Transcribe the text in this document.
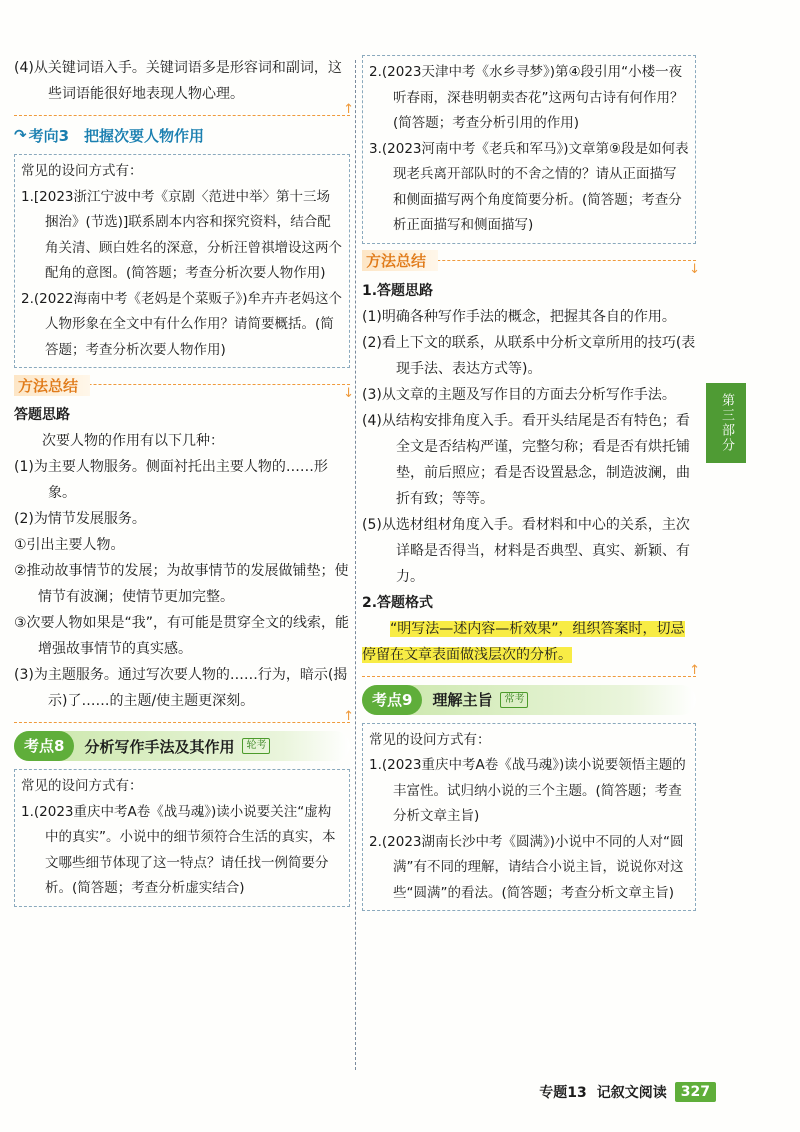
(4)从关键词语入手。关键词语多是形容词和副词，这些词语能很好地表现人物心理。

↑
↷ 考向3　把握次要人物作用

常见的设问方式有：

1.[2023浙江宁波中考《京剧〈范进中举〉第十三场 捆治》(节选)]联系剧本内容和探究资料，结合配角关清、顾白姓名的深意，分析汪曾祺增设这两个配角的意图。(简答题；考查分析次要人物作用)

2.(2022海南中考《老妈是个菜贩子》)牟卉卉老妈这个人物形象在全文中有什么作用？请简要概括。(简答题；考查分析次要人物作用)

方法总结	↓

答题思路

次要人物的作用有以下几种：

(1)为主要人物服务。侧面衬托出主要人物的……形象。

(2)为情节发展服务。

①引出主要人物。

②推动故事情节的发展；为故事情节的发展做铺垫；使情节有波澜；使情节更加完整。

③次要人物如果是“我”，有可能是贯穿全文的线索，能增强故事情节的真实感。

(3)为主题服务。通过写次要人物的……行为，暗示(揭示)了……的主题/使主题更深刻。

↑
考点8	分析写作手法及其作用	轮考

常见的设问方式有：

1.(2023重庆中考A卷《战马魂》)读小说要关注“虚构中的真实”。小说中的细节须符合生活的真实，本文哪些细节体现了这一特点？请任找一例简要分析。(简答题；考查分析虚实结合)

2.(2023天津中考《水乡寻梦》)第④段引用“小楼一夜听春雨，深巷明朝卖杏花”这两句古诗有何作用？(简答题；考查分析引用的作用)

3.(2023河南中考《老兵和军马》)文章第⑨段是如何表现老兵离开部队时的不舍之情的？请从正面描写和侧面描写两个角度简要分析。(简答题；考查分析正面描写和侧面描写)

方法总结	↓

1.答题思路

(1)明确各种写作手法的概念，把握其各自的作用。

(2)看上下文的联系，从联系中分析文章所用的技巧(表现手法、表达方式等)。

(3)从文章的主题及写作目的方面去分析写作手法。

(4)从结构安排角度入手。看开头结尾是否有特色；看全文是否结构严谨，完整匀称；看是否有烘托铺垫，前后照应；看是否设置悬念，制造波澜，曲折有致；等等。

(5)从选材组材角度入手。看材料和中心的关系，主次详略是否得当，材料是否典型、真实、新颖、有力。

2.答题格式

“明写法—述内容—析效果”，组织答案时，切忌停留在文章表面做浅层次的分析。

↑
考点9	理解主旨	常考

常见的设问方式有：

1.(2023重庆中考A卷《战马魂》)读小说要领悟主题的丰富性。试归纳小说的三个主题。(简答题；考查分析文章主旨)

2.(2023湖南长沙中考《圆满》)小说中不同的人对“圆满”有不同的理解，请结合小说主旨，说说你对这些“圆满”的看法。(简答题；考查分析文章主旨)

第三部分
专题13 记叙文阅读	327
